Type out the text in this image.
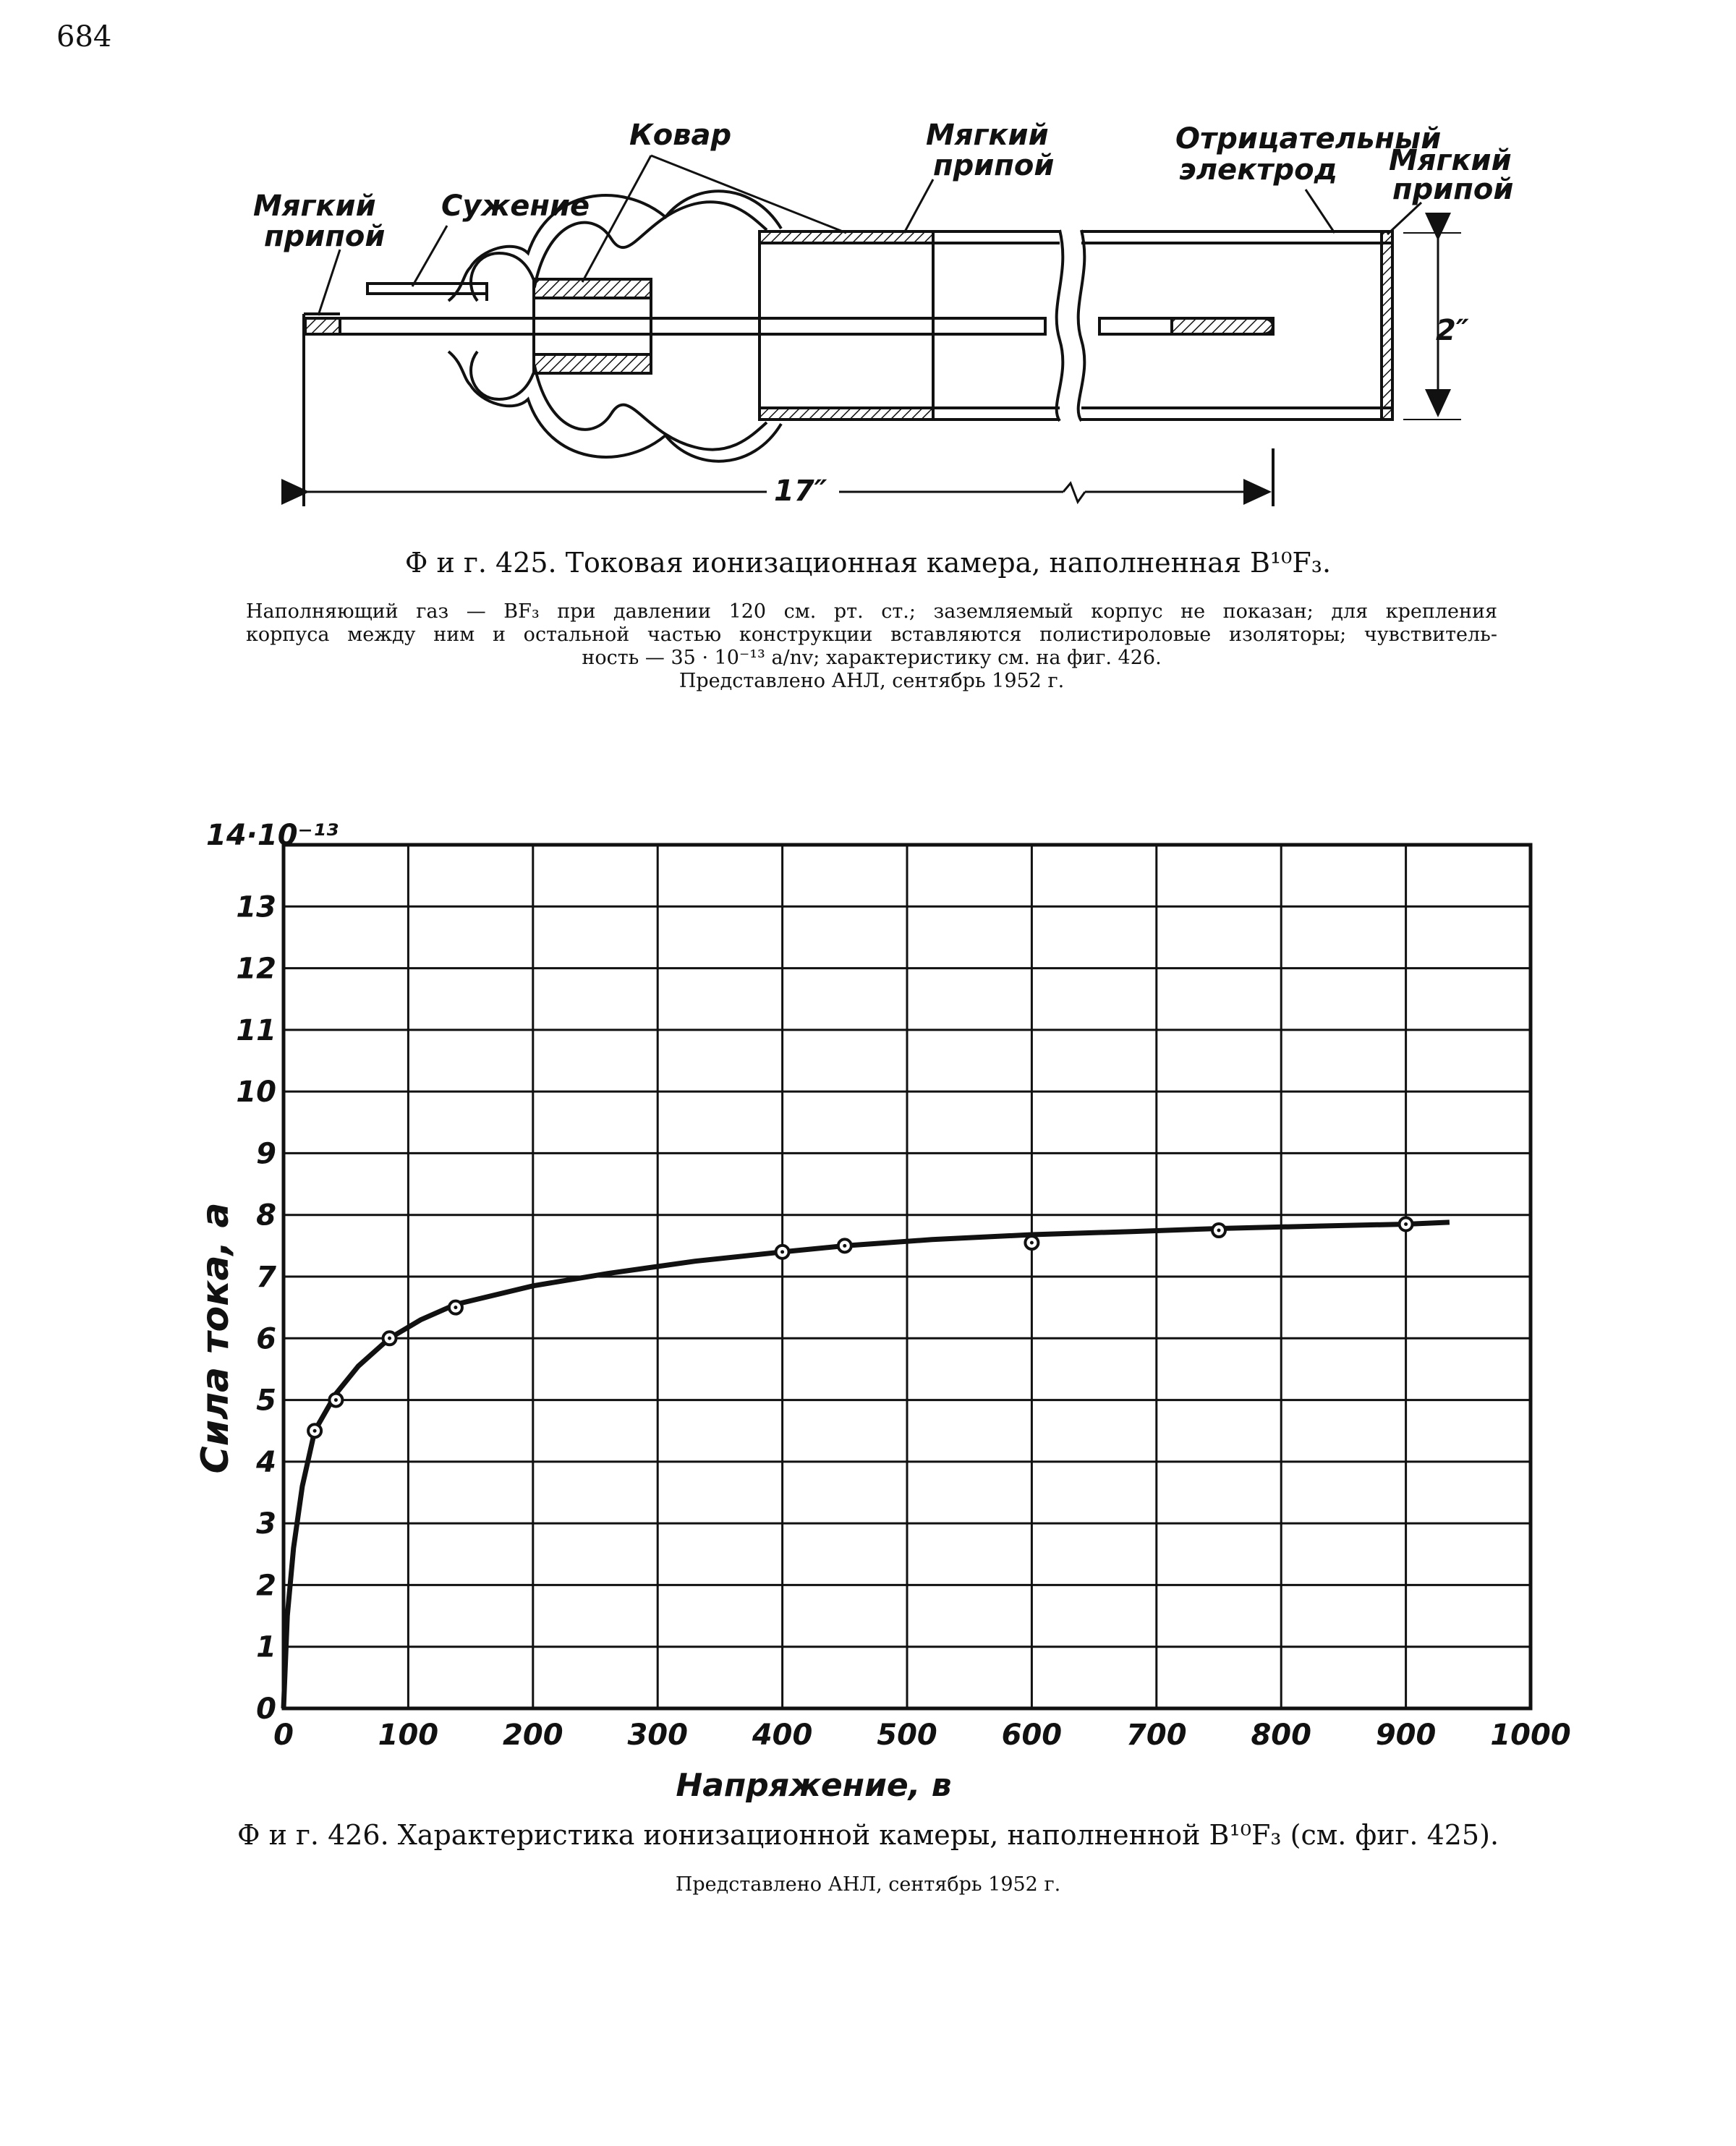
684
Мягкий
припой
Сужение
Ковар	Мягкий
припой
Отрицательный
электрод Мягкий
припой
2″
17″
Ф и г. 425. Токовая ионизационная камера, наполненная B¹⁰F₃.
Наполняющий газ — BF₃ при давлении 120 см. рт. ст.; заземляемый корпус не показан; для крепления
корпуса между ним и остальной частью конструкции вставляются полистироловые изоляторы; чувствитель-
ность — 35 · 10⁻¹³ а/nv; характеристику см. на фиг. 426.
Представлено АНЛ, сентябрь 1952 г.
0	100 200 300 400 500 600 700 800 900 1000
0
1
2
3
4
5
6
7
8
9
10
11
12
13
14·10⁻¹³
Напряжение, в
Сила тока, а
Ф и г. 426. Характеристика ионизационной камеры, наполненной B¹⁰F₃ (см. фиг. 425).
Представлено АНЛ, сентябрь 1952 г.
